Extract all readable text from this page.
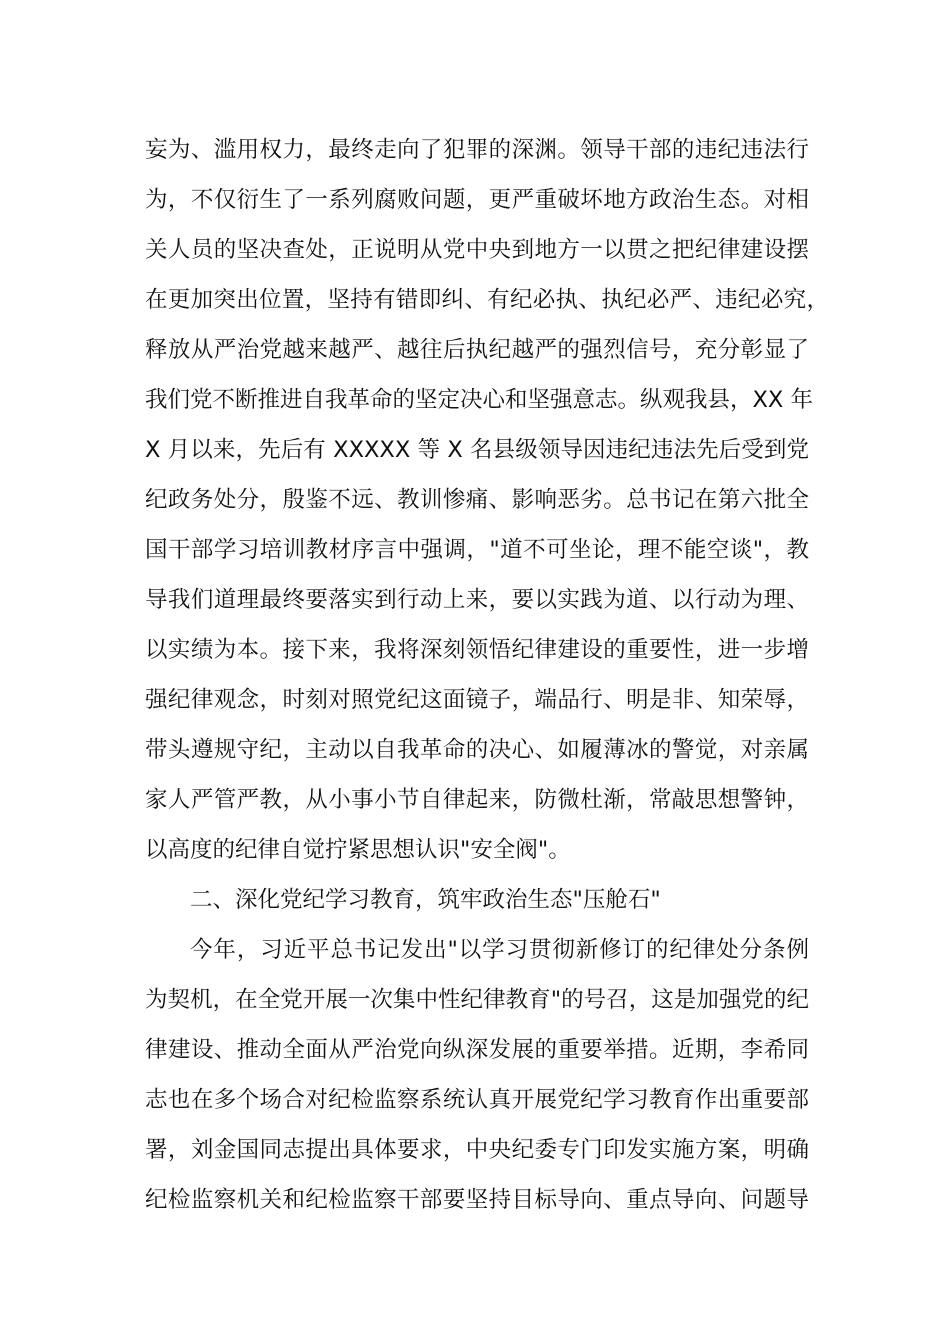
妄为、滥用权力，最终走向了犯罪的深渊。领导干部的违纪违法行
为，不仅衍生了一系列腐败问题，更严重破坏地方政治生态。对相
关人员的坚决查处，正说明从党中央到地方一以贯之把纪律建设摆
在更加突出位置，坚持有错即纠、有纪必执、执纪必严、违纪必究，
释放从严治党越来越严、越往后执纪越严的强烈信号，充分彰显了
我们党不断推进自我革命的坚定决心和坚强意志。纵观我县，XX 年
X 月以来，先后有 XXXXX 等 X 名县级领导因违纪违法先后受到党
纪政务处分，殷鉴不远、教训惨痛、影响恶劣。总书记在第六批全
国干部学习培训教材序言中强调，"道不可坐论，理不能空谈"，教
导我们道理最终要落实到行动上来，要以实践为道、以行动为理、
以实绩为本。接下来，我将深刻领悟纪律建设的重要性，进一步增
强纪律观念，时刻对照党纪这面镜子，端品行、明是非、知荣辱，
带头遵规守纪，主动以自我革命的决心、如履薄冰的警觉，对亲属
家人严管严教，从小事小节自律起来，防微杜渐，常敲思想警钟，
以高度的纪律自觉拧紧思想认识"安全阀"。
二、深化党纪学习教育，筑牢政治生态"压舱石"
今年，习近平总书记发出"以学习贯彻新修订的纪律处分条例
为契机，在全党开展一次集中性纪律教育"的号召，这是加强党的纪
律建设、推动全面从严治党向纵深发展的重要举措。近期，李希同
志也在多个场合对纪检监察系统认真开展党纪学习教育作出重要部
署，刘金国同志提出具体要求，中央纪委专门印发实施方案，明确
纪检监察机关和纪检监察干部要坚持目标导向、重点导向、问题导
